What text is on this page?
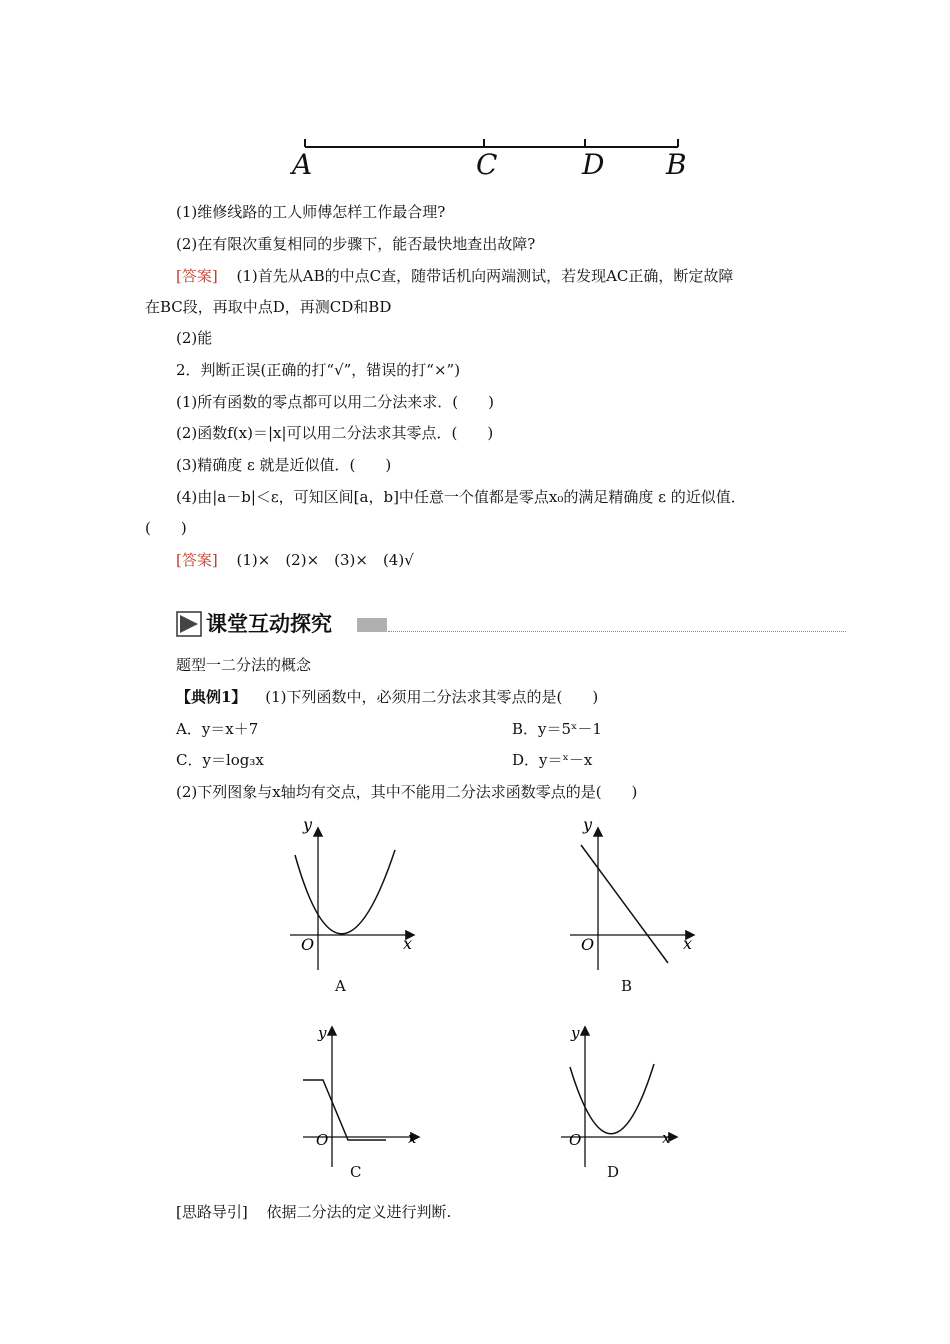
A	C	D B
(1)维修线路的工人师傅怎样工作最合理?
(2)在有限次重复相同的步骤下，能否最快地查出故障?
[答案] (1)首先从AB的中点C查，随带话机向两端测试，若发现AC正确，断定故障
在BC段，再取中点D，再测CD和BD
(2)能
2．判断正误(正确的打“√”，错误的打“×”)
(1)所有函数的零点都可以用二分法来求．(　　)
(2)函数f(x)＝|x|可以用二分法求其零点．(　　)
(3)精确度 ε 就是近似值．(　　)
(4)由|a－b|＜ε，可知区间[a，b]中任意一个值都是零点x₀的满足精确度 ε 的近似值．
(　　)
[答案] (1)×　(2)×　(3)×　(4)√
课堂互动探究
题型一二分法的概念
【典例1】 (1)下列函数中，必须用二分法求其零点的是(　　)
A．y＝x＋7	B．y＝5ˣ－1
C．y＝log₃x	D．y＝ˣ－x
(2)下列图象与x轴均有交点，其中不能用二分法求函数零点的是(　　)
y
x
O
A
y
x
O
B
y
x
O
C
y
x
O
D
[思路导引] 依据二分法的定义进行判断.
